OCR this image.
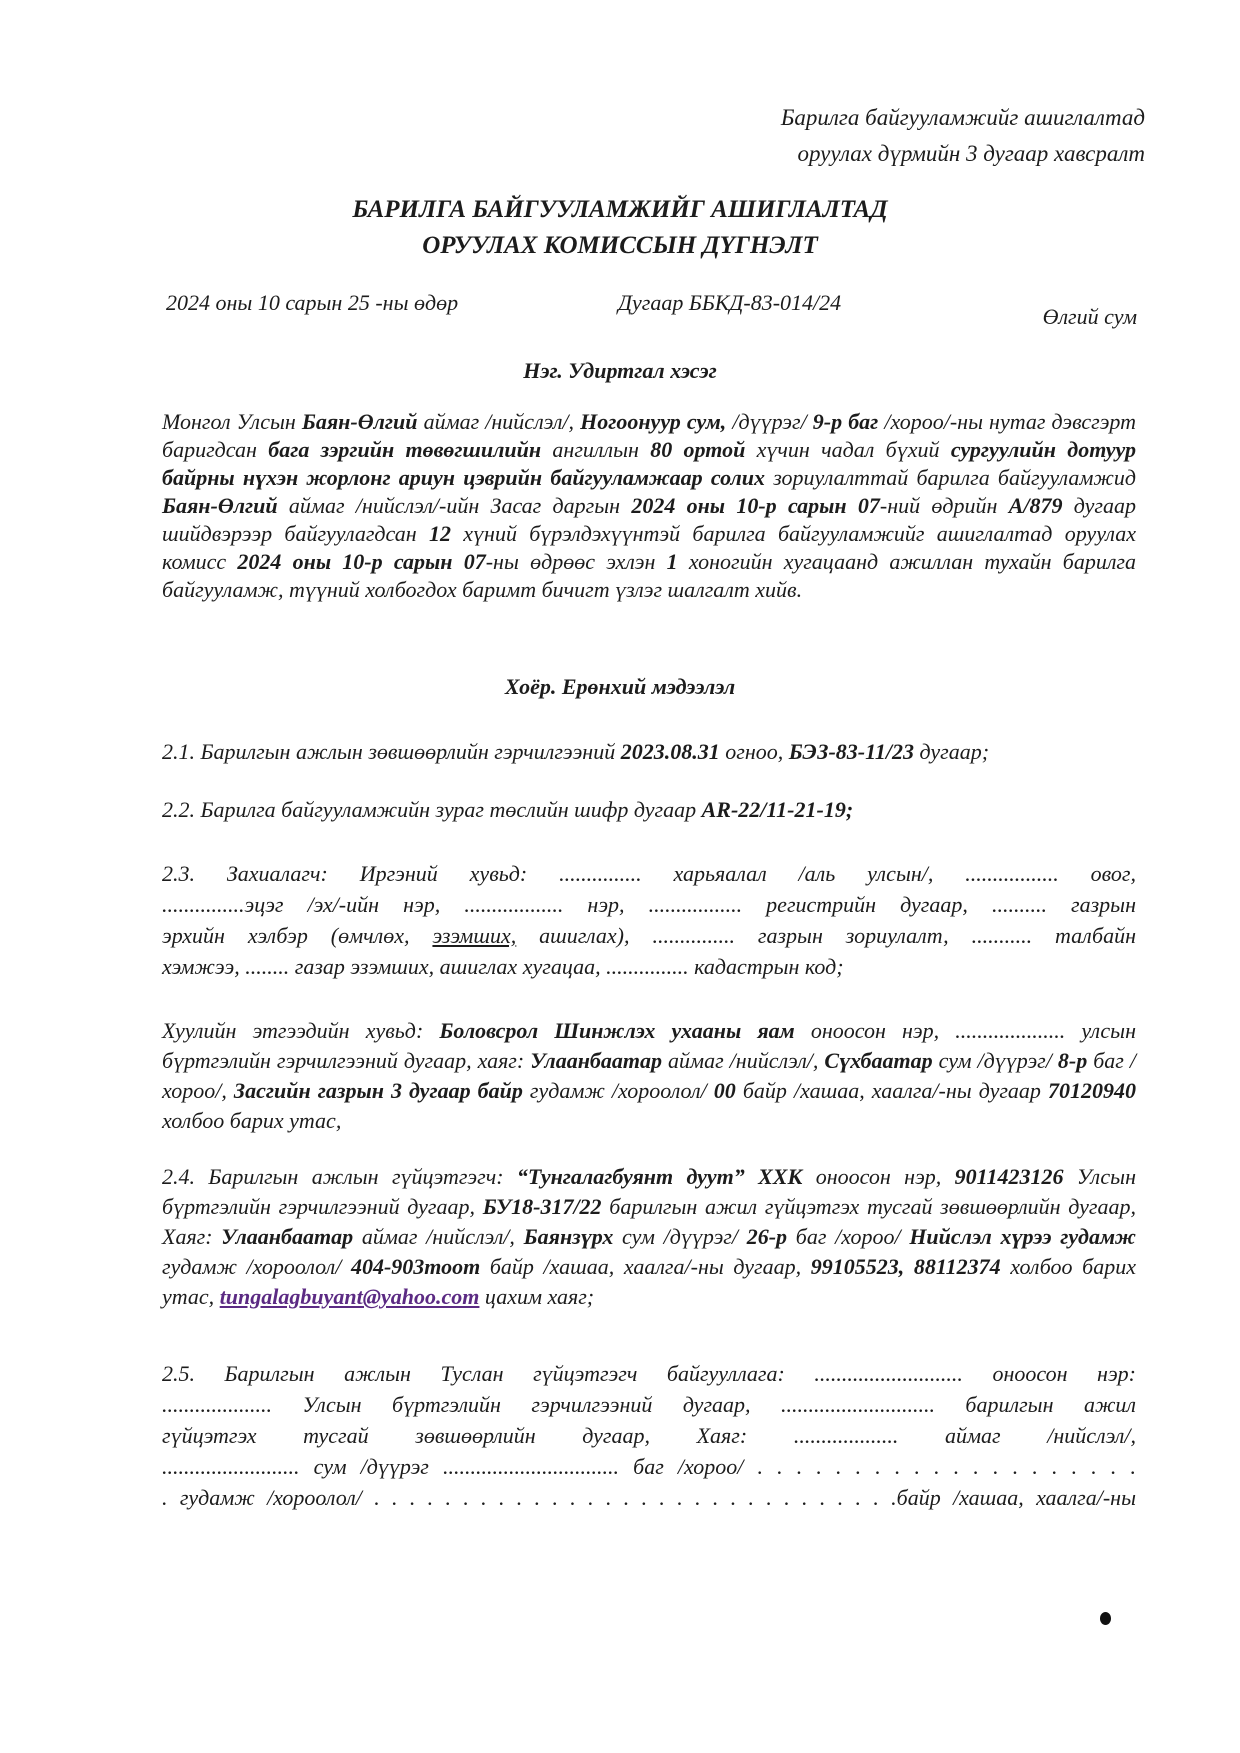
Барилга байгууламжийг ашиглалтад
оруулах дүрмийн 3 дугаар хавсралт
БАРИЛГА БАЙГУУЛАМЖИЙГ АШИГЛАЛТАД
ОРУУЛАХ КОМИССЫН ДҮГНЭЛТ
2024 оны 10 сарын 25 -ны өдөр	Дугаар ББКД-83-014/24
Өлгий сум
Нэг. Удиртгал хэсэг
Монгол Улсын Баян-Өлгий аймаг /нийслэл/, Ногоонуур сум, /дүүрэг/ 9-р баг /хороо/-ны нутаг дэвсгэрт баригдсан бага зэргийн төвөгшилийн ангиллын 80 ортой хүчин чадал бүхий сургуулийн дотуур байрны нүхэн жорлонг ариун цэврийн байгууламжаар солих зориулалттай барилга байгууламжид Баян-Өлгий аймаг /нийслэл/-ийн Засаг даргын 2024 оны 10-р сарын 07-ний өдрийн А/879 дугаар шийдвэрээр байгуулагдсан 12 хүний бүрэлдэхүүнтэй барилга байгууламжийг ашиглалтад оруулах комисс 2024 оны 10-р сарын 07-ны өдрөөс эхлэн 1 хоногийн хугацаанд ажиллан тухайн барилга байгууламж, түүний холбогдох баримт бичигт үзлэг шалгалт хийв.
Хоёр. Ерөнхий мэдээлэл
2.1. Барилгын ажлын зөвшөөрлийн гэрчилгээний 2023.08.31 огноо, БЭЗ-83-11/23 дугаар;
2.2. Барилга байгууламжийн зураг төслийн шифр дугаар AR-22/11-21-19;
2.3. Захиалагч: Иргэний хувьд: ............... харьяалал /аль улсын/, ................. овог,
...............эцэг /эх/-ийн нэр, .................. нэр, ................. регистрийн дугаар, .......... газрын
эрхийн хэлбэр (өмчлөх, эзэмших, ашиглах), ............... газрын зориулалт, ........... талбайн
хэмжээ, ........ газар эзэмших, ашиглах хугацаа, ............... кадастрын код;
Хуулийн этгээдийн хувьд: Боловсрол Шинжлэх ухааны яам оноосон нэр, .................... улсын бүртгэлийн гэрчилгээний дугаар, хаяг: Улаанбаатар аймаг /нийслэл/, Сүхбаатар сум /дүүрэг/ 8-р баг /хороо/, Засгийн газрын 3 дугаар байр гудамж /хороолол/ 00 байр /хашаа, хаалга/-ны дугаар 70120940 холбоо барих утас,
2.4. Барилгын ажлын гүйцэтгэгч: “Тунгалагбуянт дуут” ХХК оноосон нэр, 9011423126 Улсын бүртгэлийн гэрчилгээний дугаар, БУ18-317/22 барилгын ажил гүйцэтгэх тусгай зөвшөөрлийн дугаар, Хаяг: Улаанбаатар аймаг /нийслэл/, Баянзүрх сум /дүүрэг/ 26-р баг /хороо/ Нийслэл хүрээ гудамж гудамж /хороолол/ 404-903тоот байр /хашаа, хаалга/-ны дугаар, 99105523, 88112374 холбоо барих утас, tungalagbuyant@yahoo.com цахим хаяг;
2.5. Барилгын ажлын Туслан гүйцэтгэгч байгууллага: ........................... оноосон нэр:
.................... Улсын бүртгэлийн гэрчилгээний дугаар, ............................ барилгын ажил
гүйцэтгэх тусгай зөвшөөрлийн дугаар, Хаяг: ................... аймаг /нийслэл/,
......................... сум /дүүрэг ................................ баг /хороо/ . . . . . . . . . . . . . . . . . . . .
. гудамж /хороолол/ . . . . . . . . . . . . . . . . . . . . . . . . . . . . . .байр /хашаа, хаалга/-ны
